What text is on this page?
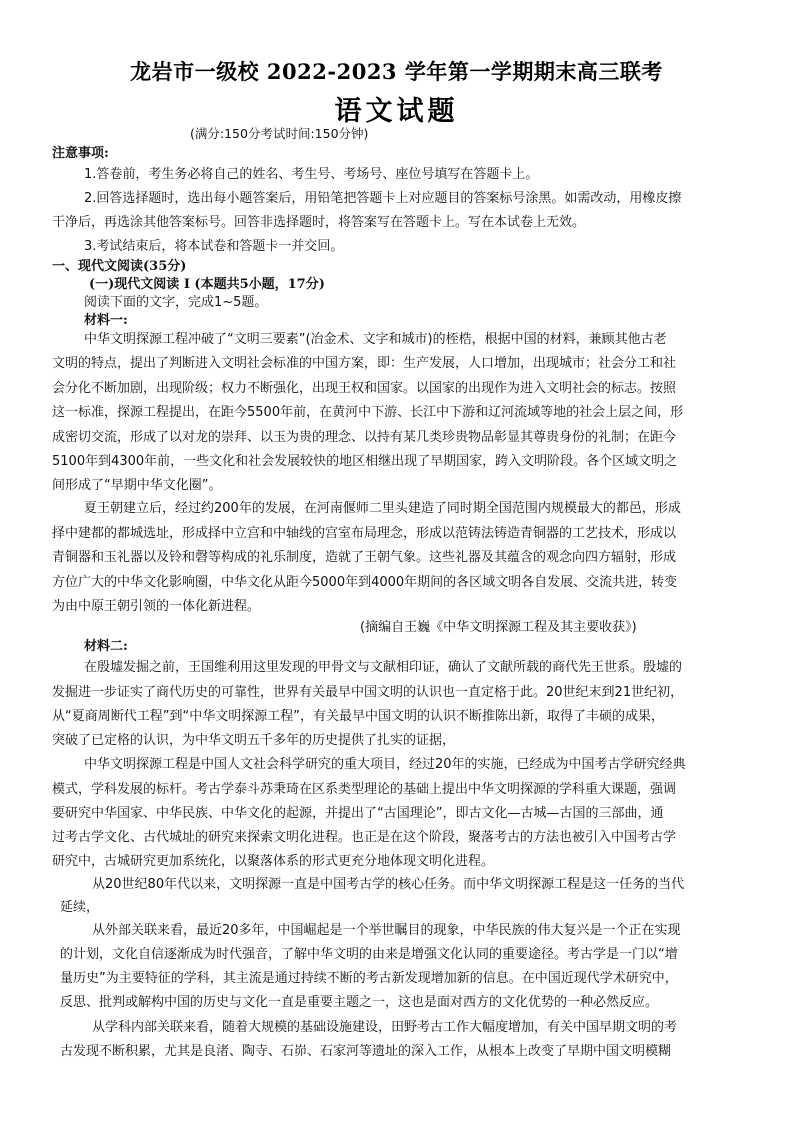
龙岩市一级校 2022-2023 学年第一学期期末高三联考
语文试题
(满分:150分考试时间:150分钟)
注意事项:
1.答卷前，考生务必将自己的姓名、考生号、考场号、座位号填写在答题卡上。
2.回答选择题时，选出每小题答案后，用铅笔把答题卡上对应题目的答案标号涂黑。如需改动，用橡皮擦
干净后，再选涂其他答案标号。回答非选择题时，将答案写在答题卡上。写在本试卷上无效。
3.考试结束后，将本试卷和答题卡一并交回。
一、现代文阅读(35分)
(一)现代文阅读 I (本题共5小题，17分)
阅读下面的文字，完成1~5题。
材料一:
中华文明探源工程冲破了“文明三要素”(冶金术、文字和城市)的桎梏，根据中国的材料，兼顾其他古老
文明的特点，提出了判断进入文明社会标准的中国方案，即：生产发展，人口增加，出现城市；社会分工和社
会分化不断加剧，出现阶级；权力不断强化，出现王权和国家。以国家的出现作为进入文明社会的标志。按照
这一标准，探源工程提出，在距今5500年前，在黄河中下游、长江中下游和辽河流域等地的社会上层之间，形
成密切交流，形成了以对龙的崇拜、以玉为贵的理念、以持有某几类珍贵物品彰显其尊贵身份的礼制；在距今
5100年到4300年前，一些文化和社会发展较快的地区相继出现了早期国家，跨入文明阶段。各个区域文明之
间形成了“早期中华文化圈”。
夏王朝建立后，经过约200年的发展，在河南偃师二里头建造了同时期全国范围内规模最大的都邑，形成
择中建都的都城选址，形成择中立宫和中轴线的宫室布局理念，形成以范铸法铸造青铜器的工艺技术，形成以
青铜器和玉礼器以及铃和磬等构成的礼乐制度，造就了王朝气象。这些礼器及其蕴含的观念向四方辐射，形成
方位广大的中华文化影响圈，中华文化从距今5000年到4000年期间的各区域文明各自发展、交流共进，转变
为由中原王朝引领的一体化新进程。
(摘编自王巍《中华文明探源工程及其主要收获》)
材料二:
在殷墟发掘之前，王国维利用这里发现的甲骨文与文献相印证，确认了文献所载的商代先王世系。殷墟的
发掘进一步证实了商代历史的可靠性，世界有关最早中国文明的认识也一直定格于此。20世纪末到21世纪初，
从“夏商周断代工程”到“中华文明探源工程”，有关最早中国文明的认识不断推陈出新，取得了丰硕的成果，
突破了已定格的认识，为中华文明五千多年的历史提供了扎实的证据，
中华文明探源工程是中国人文社会科学研究的重大项目，经过20年的实施，已经成为中国考古学研究经典
模式，学科发展的标杆。考古学泰斗苏秉琦在区系类型理论的基础上提出中华文明探源的学科重大课题，强调
要研究中华国家、中华民族、中华文化的起源，并提出了“古国理论”，即古文化—古城—古国的三部曲，通
过考古学文化、古代城址的研究来探索文明化进程。也正是在这个阶段，聚落考古的方法也被引入中国考古学
研究中，古城研究更加系统化，以聚落体系的形式更充分地体现文明化进程。
从20世纪80年代以来，文明探源一直是中国考古学的核心任务。而中华文明探源工程是这一任务的当代
延续，
从外部关联来看，最近20多年，中国崛起是一个举世瞩目的现象，中华民族的伟大复兴是一个正在实现
的计划，文化自信逐渐成为时代强音，了解中华文明的由来是增强文化认同的重要途径。考古学是一门以“增
量历史”为主要特征的学科，其主流是通过持续不断的考古新发现增加新的信息。在中国近现代学术研究中，
反思、批判或解构中国的历史与文化一直是重要主题之一，这也是面对西方的文化优势的一种必然反应。
从学科内部关联来看，随着大规模的基础设施建设，田野考古工作大幅度增加，有关中国早期文明的考
古发现不断积累，尤其是良渚、陶寺、石峁、石家河等遗址的深入工作，从根本上改变了早期中国文明模糊
